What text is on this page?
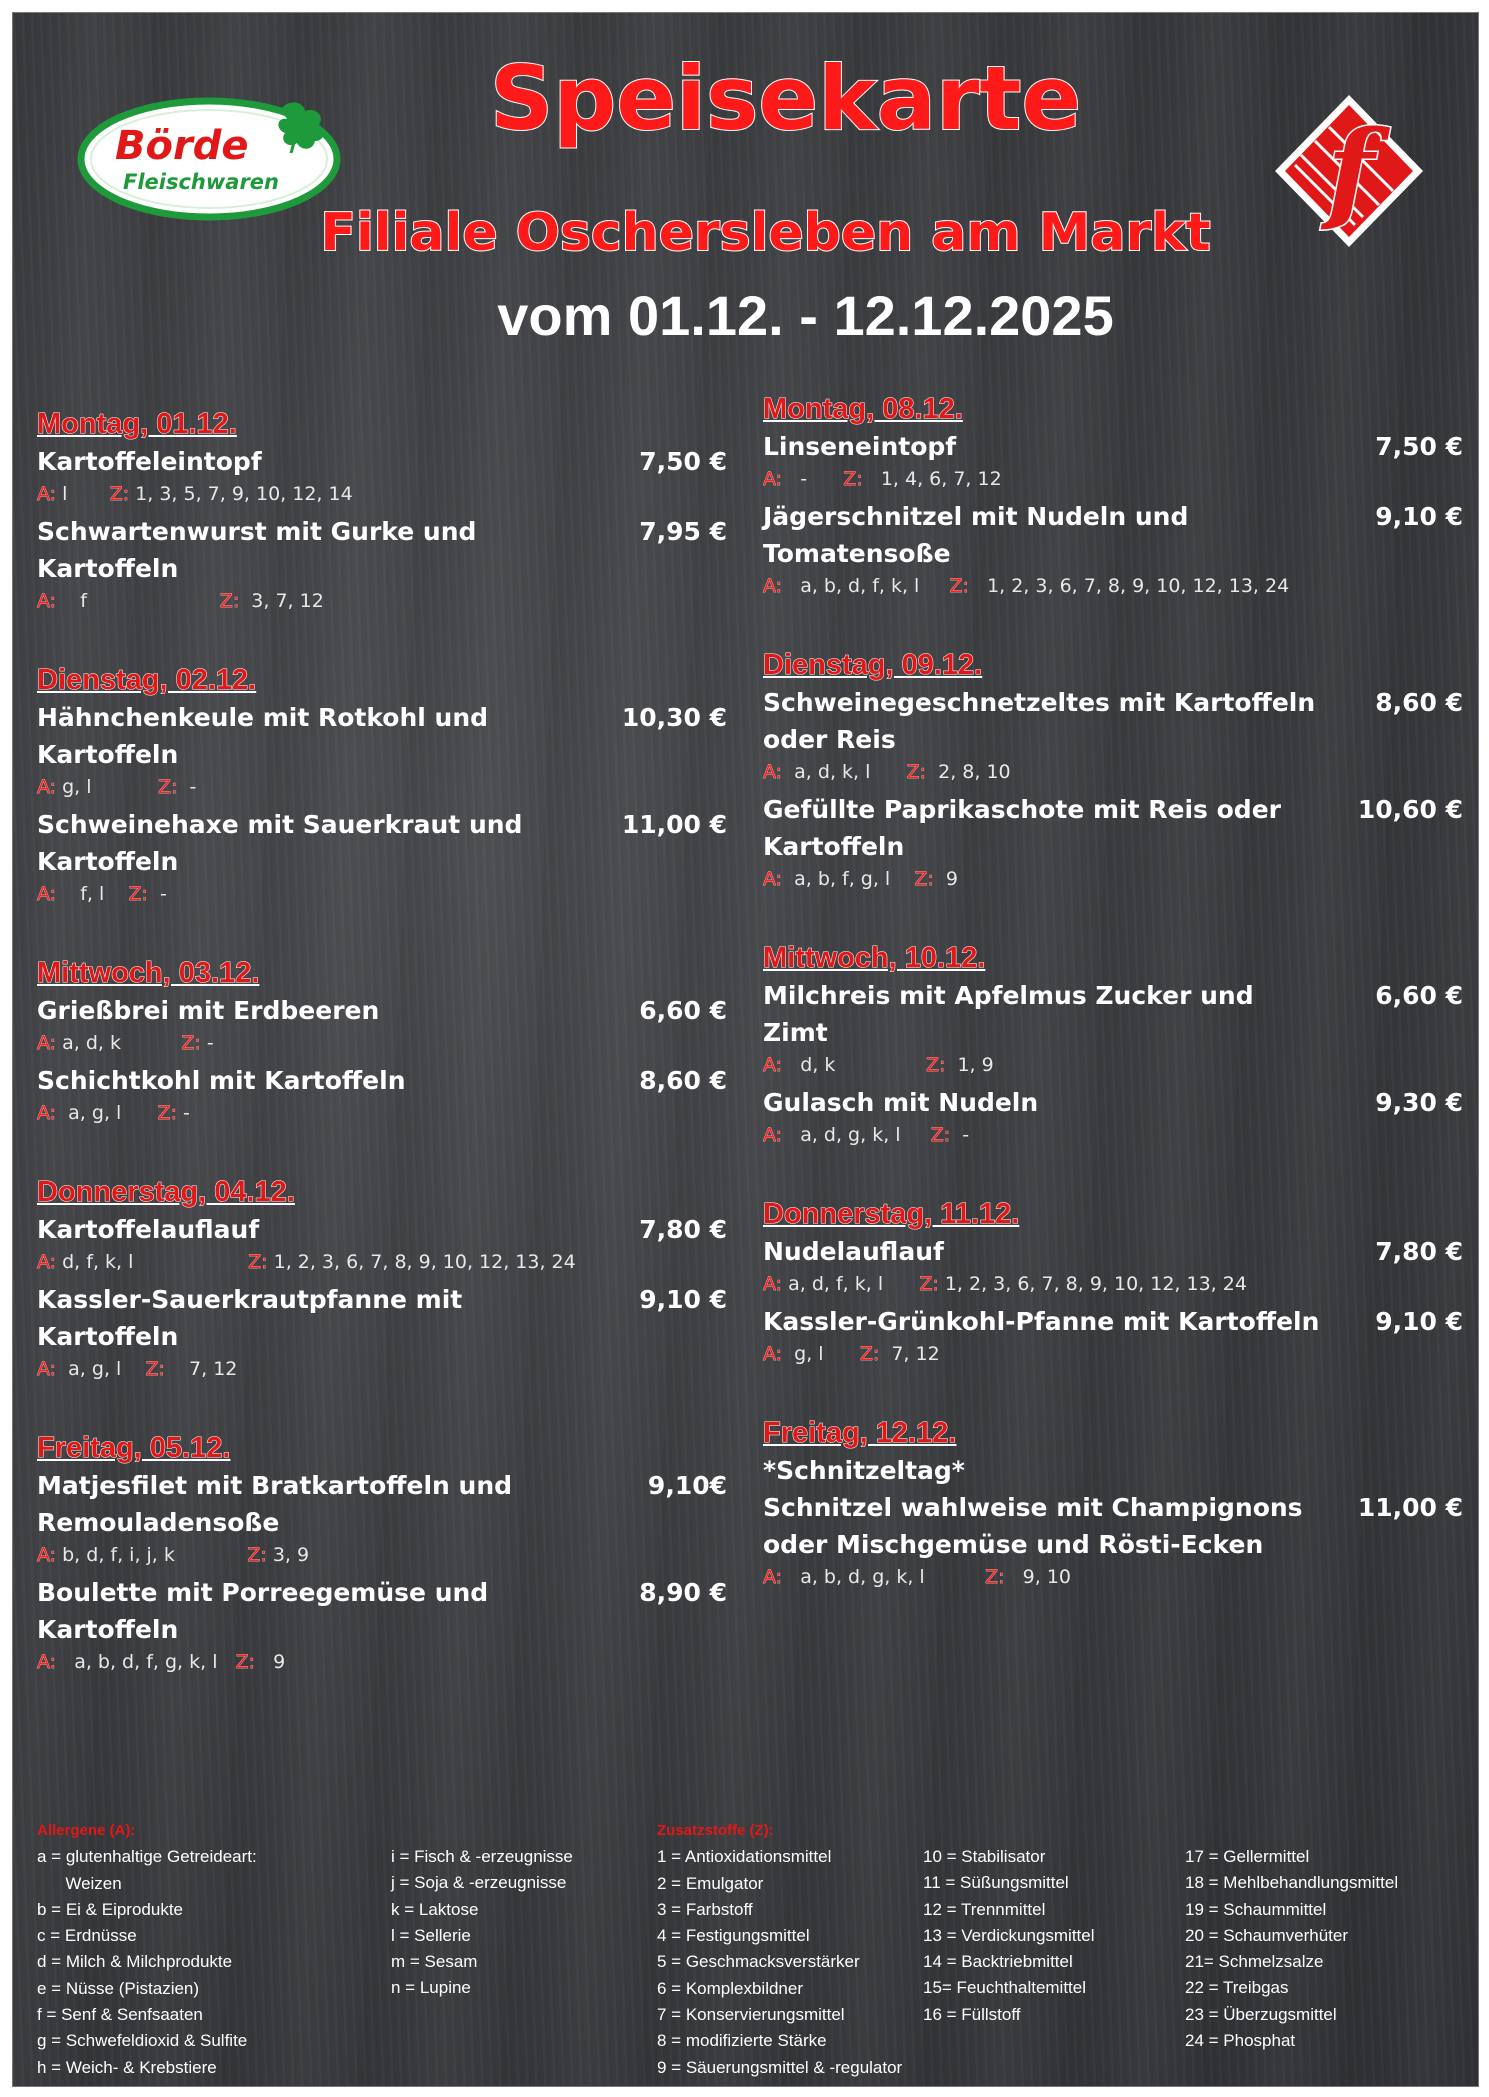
Börde
Fleischwaren
Speisekarte
Filiale Oschersleben am Markt
vom 01.12. - 12.12.2025
f
Montag, 01.12.
Kartoffeleintopf	7,50 €
A: l       Z: 1, 3, 5, 7, 9, 10, 12, 14
Schwartenwurst mit Gurke und Kartoffeln
7,95 €
A:    f                      Z:  3, 7, 12
Dienstag, 02.12.
Hähnchenkeule mit Rotkohl und Kartoffeln
10,30 €
A: g, l           Z:  -
Schweinehaxe mit Sauerkraut und Kartoffeln
11,00 €
A:    f, l    Z:  -
Mittwoch, 03.12.
Grießbrei mit Erdbeeren	6,60 €
A: a, d, k          Z: -
Schichtkohl mit Kartoffeln	8,60 €
A:  a, g, l      Z: -
Donnerstag, 04.12.
Kartoffelauflauf	7,80 €
A: d, f, k, l                   Z: 1, 2, 3, 6, 7, 8, 9, 10, 12, 13, 24
Kassler-Sauerkrautpfanne mit Kartoffeln
9,10 €
A:  a, g, l    Z:    7, 12
Freitag, 05.12.
Matjesfilet mit Bratkartoffeln und Remouladensoße
9,10€
A: b, d, f, i, j, k            Z: 3, 9
Boulette mit Porreegemüse und Kartoffeln
8,90 €
A:   a, b, d, f, g, k, l   Z:   9
Montag, 08.12.
Linseneintopf	7,50 €
A:   -      Z:   1, 4, 6, 7, 12
Jägerschnitzel mit Nudeln und Tomatensoße
9,10 €
A:   a, b, d, f, k, l     Z:   1, 2, 3, 6, 7, 8, 9, 10, 12, 13, 24
Dienstag, 09.12.
Schweinegeschnetzeltes mit Kartoffeln oder Reis
8,60 €
A:  a, d, k, l      Z:  2, 8, 10
Gefüllte Paprikaschote mit Reis oder Kartoffeln
10,60 €
A:  a, b, f, g, l    Z:  9
Mittwoch, 10.12.
Milchreis mit Apfelmus Zucker und Zimt
6,60 €
A:   d, k               Z:  1, 9
Gulasch mit Nudeln	9,30 €
A:   a, d, g, k, l     Z:  -
Donnerstag, 11.12.
Nudelauflauf	7,80 €
A: a, d, f, k, l      Z: 1, 2, 3, 6, 7, 8, 9, 10, 12, 13, 24
Kassler-Grünkohl-Pfanne mit Kartoffeln 9,10 €
A:  g, l      Z:  7, 12
Freitag, 12.12.
*Schnitzeltag*
Schnitzel wahlweise mit Champignons oder Mischgemüse und Rösti-Ecken
11,00 €
A:   a, b, d, g, k, l          Z:   9, 10
Allergene (A):
a = glutenhaltige Getreideart:
Weizen
b = Ei & Eiprodukte
c = Erdnüsse
d = Milch & Milchprodukte
e = Nüsse (Pistazien)
f = Senf & Senfsaaten
g = Schwefeldioxid & Sulfite
h = Weich- & Krebstiere
i = Fisch & -erzeugnisse
j = Soja & -erzeugnisse
k = Laktose
l = Sellerie
m = Sesam
n = Lupine
Zusatzstoffe (Z):
1 = Antioxidationsmittel
2 = Emulgator
3 = Farbstoff
4 = Festigungsmittel
5 = Geschmacksverstärker
6 = Komplexbildner
7 = Konservierungsmittel
8 = modifizierte Stärke
9 = Säuerungsmittel & -regulator
10 = Stabilisator
11 = Süßungsmittel
12 = Trennmittel
13 = Verdickungsmittel
14 = Backtriebmittel
15= Feuchthaltemittel
16 = Füllstoff
17 = Gellermittel
18 = Mehlbehandlungsmittel
19 = Schaummittel
20 = Schaumverhüter
21= Schmelzsalze
22 = Treibgas
23 = Überzugsmittel
24 = Phosphat
